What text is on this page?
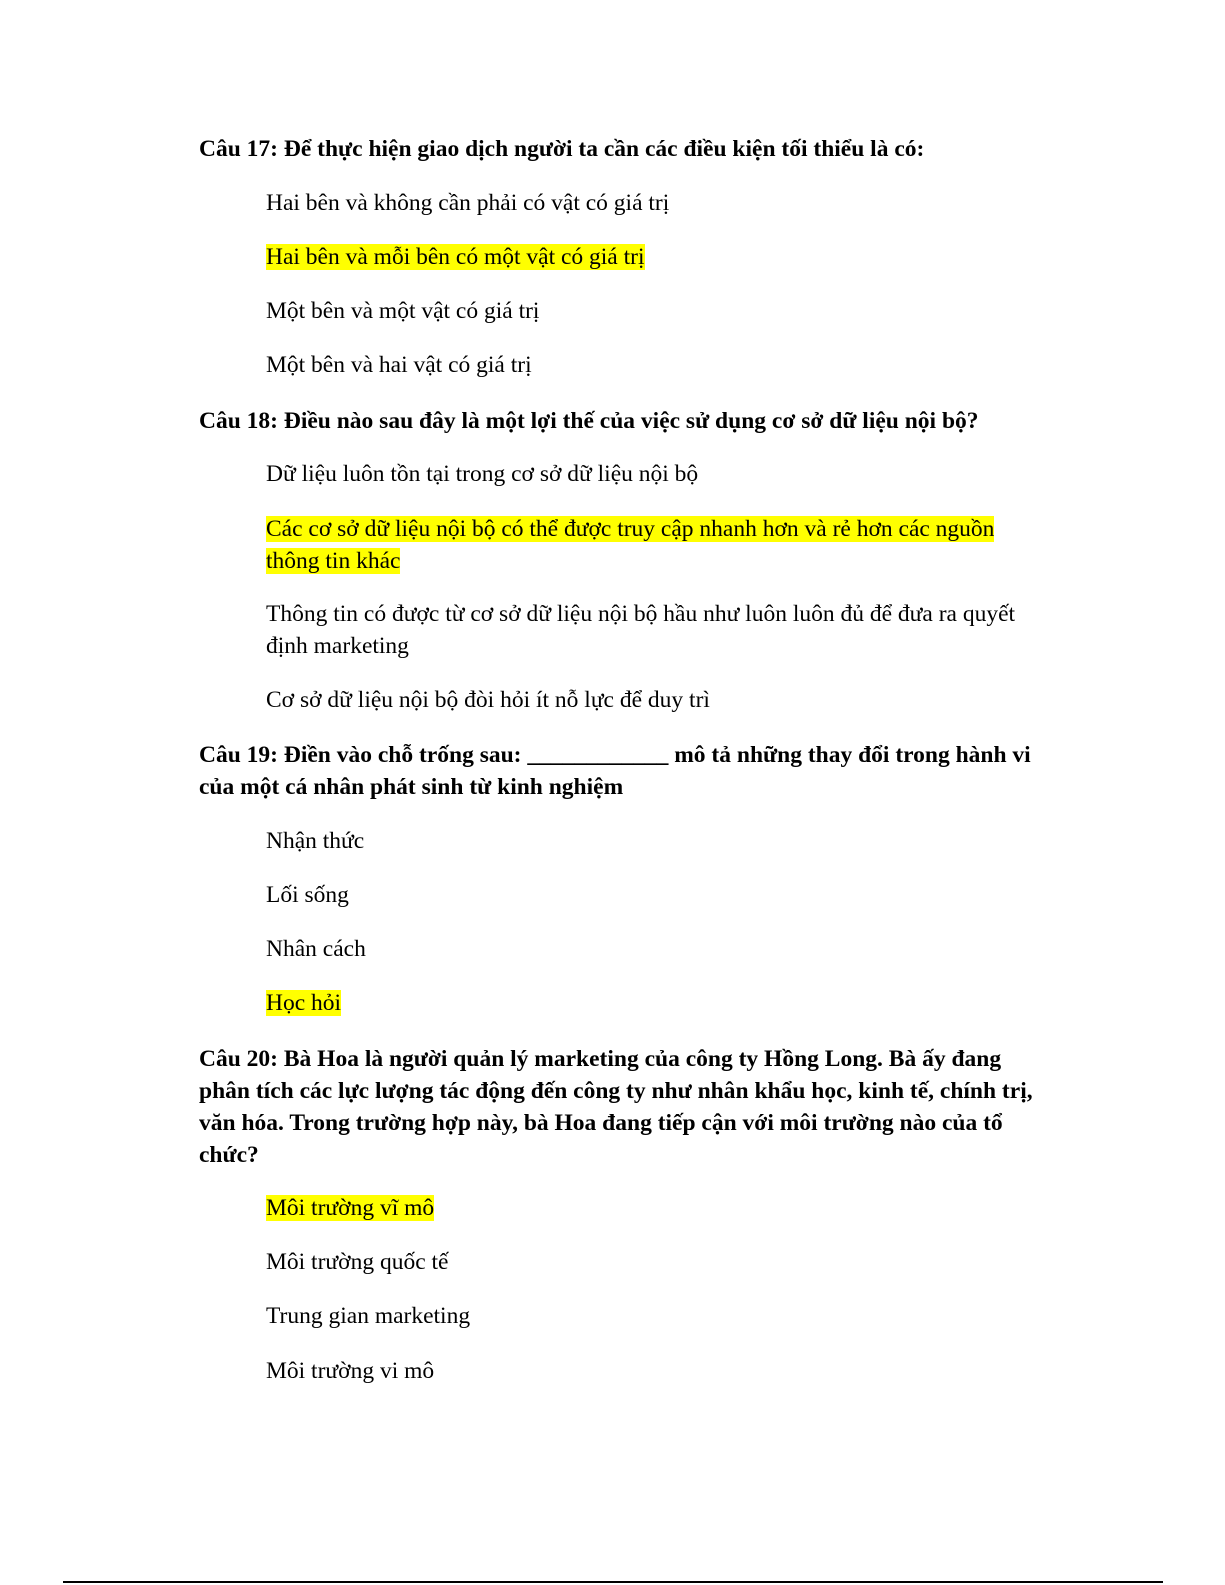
Câu 17: Để thực hiện giao dịch người ta cần các điều kiện tối thiểu là có:
Hai bên và không cần phải có vật có giá trị
Hai bên và mỗi bên có một vật có giá trị
Một bên và một vật có giá trị
Một bên và hai vật có giá trị
Câu 18: Điều nào sau đây là một lợi thế của việc sử dụng cơ sở dữ liệu nội bộ?
Dữ liệu luôn tồn tại trong cơ sở dữ liệu nội bộ
Các cơ sở dữ liệu nội bộ có thể được truy cập nhanh hơn và rẻ hơn các nguồn thông tin khác
Thông tin có được từ cơ sở dữ liệu nội bộ hầu như luôn luôn đủ để đưa ra quyết định marketing
Cơ sở dữ liệu nội bộ đòi hỏi ít nỗ lực để duy trì
Câu 19: Điền vào chỗ trống sau: ____________ mô tả những thay đổi trong hành vi của một cá nhân phát sinh từ kinh nghiệm
Nhận thức
Lối sống
Nhân cách
Học hỏi
Câu 20: Bà Hoa là người quản lý marketing của công ty Hồng Long. Bà ấy đang phân tích các lực lượng tác động đến công ty như nhân khẩu học, kinh tế, chính trị, văn hóa. Trong trường hợp này, bà Hoa đang tiếp cận với môi trường nào của tổ chức?
Môi trường vĩ mô
Môi trường quốc tế
Trung gian marketing
Môi trường vi mô
